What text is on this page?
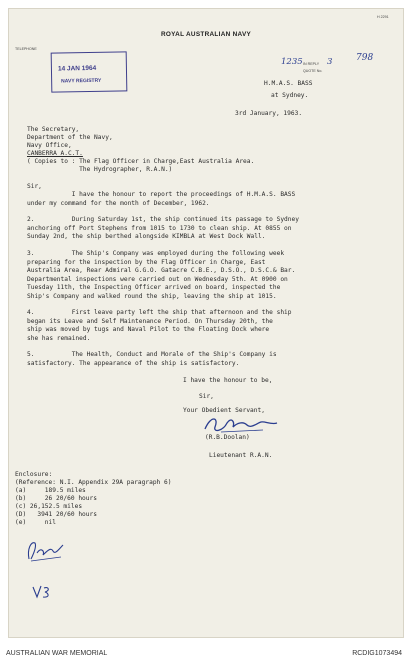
H 2291
ROYAL AUSTRALIAN NAVY
TELEPHONE
IN REPLY
QUOTE No.
14 JAN 1964
NAVY REGISTRY
1235	3	798
H.M.A.S. BASS
at Sydney.
3rd January, 1963.
The Secretary,
Department of the Navy,
Navy Office,
CANBERRA A.C.T.
( Copies to : The Flag Officer in Charge,East Australia Area.
The Hydrographer, R.A.N.)
Sir,
I have the honour to report the proceedings of H.M.A.S. BASS
under my command for the month of December, 1962.
2.          During Saturday 1st, the ship continued its passage to Sydney
anchoring off Port Stephens from 1015 to 1730 to clean ship. At 0855 on
Sunday 2nd, the ship berthed alongside KIMBLA at West Dock Wall.
3.          The Ship's Company was employed during the following week
preparing for the inspection by the Flag Officer in Charge, East
Australia Area, Rear Admiral G.G.O. Gatacre C.B.E., D.S.O., D.S.C.& Bar.
Departmental inspections were carried out on Wednesday 5th. At 0900 on
Tuesday 11th, the Inspecting Officer arrived on board, inspected the
Ship's Company and walked round the ship, leaving the ship at 1015.
4.          First leave party left the ship that afternoon and the ship
began its Leave and Self Maintenance Period. On Thursday 20th, the
ship was moved by tugs and Naval Pilot to the Floating Dock where
she has remained.
5.          The Health, Conduct and Morale of the Ship's Company is
satisfactory. The appearance of the ship is satisfactory.
I have the honour to be,
Sir,
Your Obedient Servant,
(R.B.Doolan)
Lieutenant R.A.N.
Enclosure:
(Reference: N.I. Appendix 29A paragraph 6)
(a)     189.5 miles
(b)     26 20/60 hours
(c) 26,152.5 miles
(D)   3941 20/60 hours
(e)     nil
AUSTRALIAN WAR MEMORIAL	RCDIG1073494
